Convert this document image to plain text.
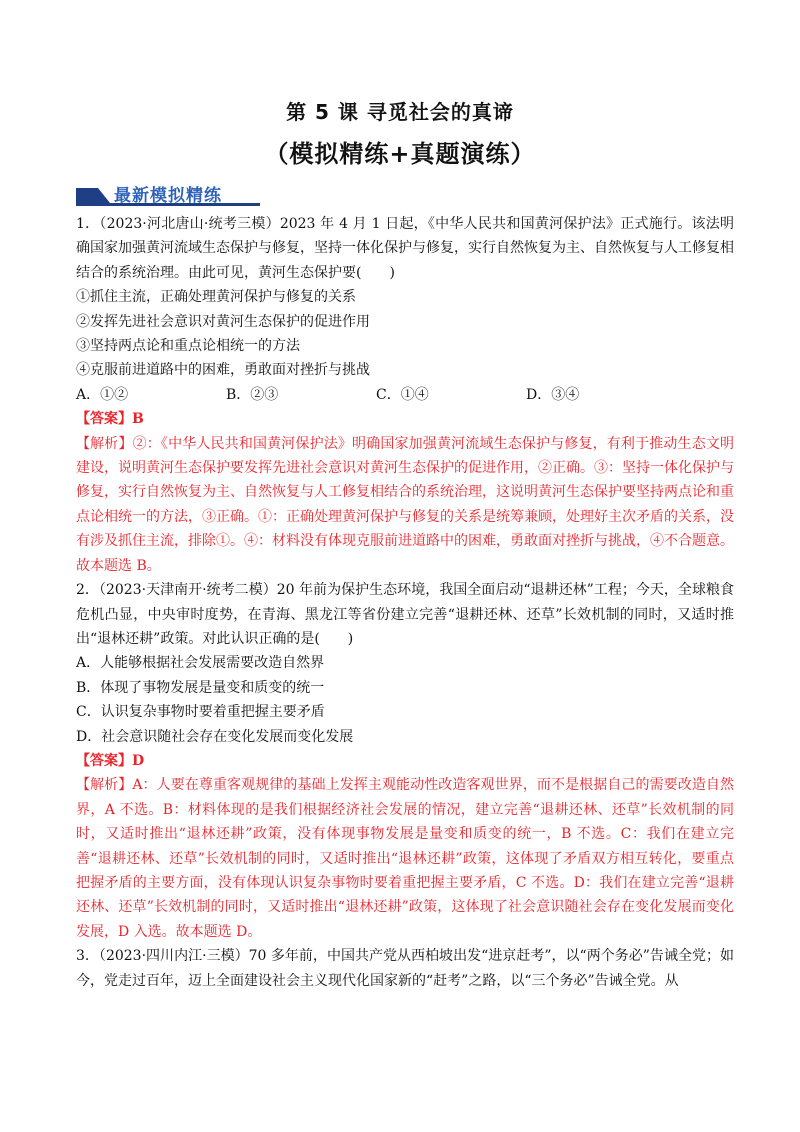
第 5 课 寻觅社会的真谛
（模拟精练+真题演练）
最新模拟精练

1．（2023·河北唐山·统考三模）2023 年 4 月 1 日起，《中华人民共和国黄河保护法》正式施行。该法明确国家加强黄河流域生态保护与修复，坚持一体化保护与修复，实行自然恢复为主、自然恢复与人工修复相结合的系统治理。由此可见，黄河生态保护要(　　)

①抓住主流，正确处理黄河保护与修复的关系

②发挥先进社会意识对黄河生态保护的促进作用

③坚持两点论和重点论相统一的方法

④克服前进道路中的困难，勇敢面对挫折与挑战

A．①②	B．②③	C．①④	D．③④

【答案】B

【解析】②：《中华人民共和国黄河保护法》明确国家加强黄河流域生态保护与修复，有利于推动生态文明建设，说明黄河生态保护要发挥先进社会意识对黄河生态保护的促进作用，②正确。③：坚持一体化保护与修复，实行自然恢复为主、自然恢复与人工修复相结合的系统治理，这说明黄河生态保护要坚持两点论和重点论相统一的方法，③正确。①：正确处理黄河保护与修复的关系是统筹兼顾，处理好主次矛盾的关系，没有涉及抓住主流，排除①。④：材料没有体现克服前进道路中的困难，勇敢面对挫折与挑战，④不合题意。故本题选 B。

2．（2023·天津南开·统考二模）20 年前为保护生态环境，我国全面启动“退耕还林”工程；今天，全球粮食危机凸显，中央审时度势，在青海、黑龙江等省份建立完善“退耕还林、还草”长效机制的同时，又适时推出“退林还耕”政策。对此认识正确的是(　　)

A．人能够根据社会发展需要改造自然界

B．体现了事物发展是量变和质变的统一

C．认识复杂事物时要着重把握主要矛盾

D．社会意识随社会存在变化发展而变化发展

【答案】D

【解析】A：人要在尊重客观规律的基础上发挥主观能动性改造客观世界，而不是根据自己的需要改造自然界，A 不选。B：材料体现的是我们根据经济社会发展的情况，建立完善“退耕还林、还草”长效机制的同时，又适时推出“退林还耕”政策，没有体现事物发展是量变和质变的统一，B 不选。C：我们在建立完善“退耕还林、还草”长效机制的同时，又适时推出“退林还耕”政策，这体现了矛盾双方相互转化，要重点把握矛盾的主要方面，没有体现认识复杂事物时要着重把握主要矛盾，C 不选。D：我们在建立完善“退耕还林、还草”长效机制的同时，又适时推出“退林还耕”政策，这体现了社会意识随社会存在变化发展而变化发展，D 入选。故本题选 D。

3．（2023·四川内江·三模）70 多年前，中国共产党从西柏坡出发“进京赶考”，以“两个务必”告诫全党；如今，党走过百年，迈上全面建设社会主义现代化国家新的“赶考”之路，以“三个务必”告诫全党。从
